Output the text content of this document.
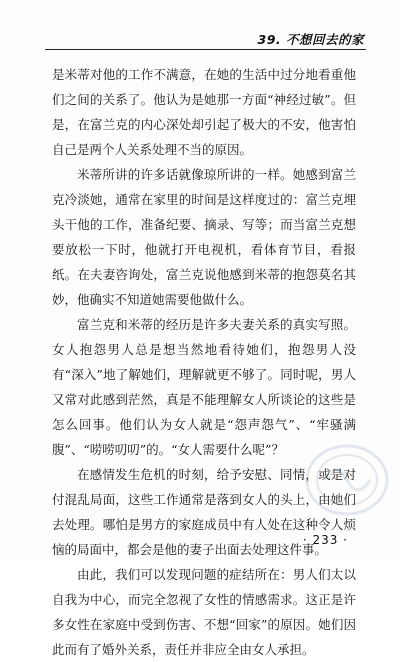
39. 不想回去的家

是米蒂对他的工作不满意，在她的生活中过分地看重他们之间的关系了。他认为是她那一方面“神经过敏”。但是，在富兰克的内心深处却引起了极大的不安，他害怕自己是两个人关系处理不当的原因。

米蒂所讲的许多话就像琼所讲的一样。她感到富兰克冷淡她，通常在家里的时间是这样度过的：富兰克埋头干他的工作，准备纪要、摘录、写等；而当富兰克想要放松一下时，他就打开电视机，看体育节目，看报纸。在夫妻咨询处，富兰克说他感到米蒂的抱怨莫名其妙，他确实不知道她需要他做什么。

富兰克和米蒂的经历是许多夫妻关系的真实写照。女人抱怨男人总是想当然地看待她们，抱怨男人没有“深入”地了解她们，理解就更不够了。同时呢，男人又常对此感到茫然，真是不能理解女人所谈论的这些是怎么回事。他们认为女人就是“怨声怨气”、“牢骚满腹”、“唠唠叨叨”的。“女人需要什么呢”？

在感情发生危机的时刻，给予安慰、同情，或是对付混乱局面，这些工作通常是落到女人的头上，由她们去处理。哪怕是男方的家庭成员中有人处在这种令人烦恼的局面中，都会是他的妻子出面去处理这件事。

由此，我们可以发现问题的症结所在：男人们太以自我为中心，而完全忽视了女性的情感需求。这正是许多女性在家庭中受到伤害、不想“回家”的原因。她们因此而有了婚外关系，责任并非应全由女人承担。

· 233 ·
